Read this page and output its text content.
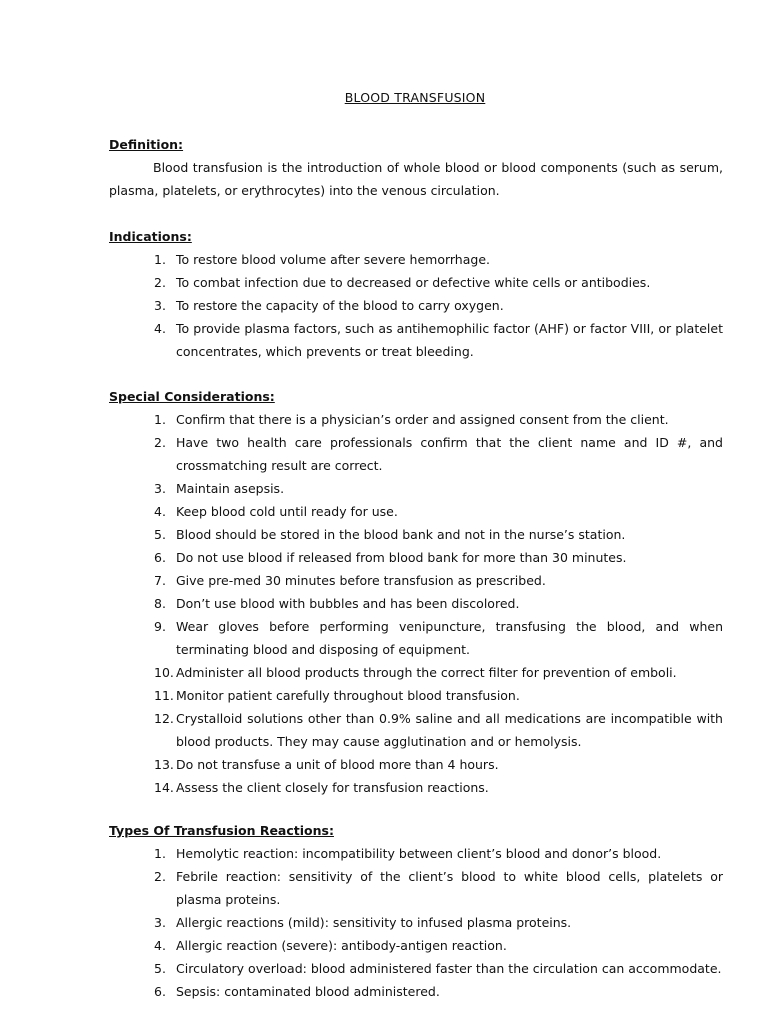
BLOOD TRANSFUSION
Definition:
Blood transfusion is the introduction of whole blood or blood components (such as serum, plasma, platelets, or erythrocytes) into the venous circulation.
Indications:
1. To restore blood volume after severe hemorrhage.
2. To combat infection due to decreased or defective white cells or antibodies.
3. To restore the capacity of the blood to carry oxygen.
4. To provide plasma factors, such as antihemophilic factor (AHF) or factor VIII, or platelet concentrates, which prevents or treat bleeding.
Special Considerations:
1. Confirm that there is a physician’s order and assigned consent from the client.
2. Have two health care professionals confirm that the client name and ID #, and crossmatching result are correct.
3. Maintain asepsis.
4. Keep blood cold until ready for use.
5. Blood should be stored in the blood bank and not in the nurse’s station.
6. Do not use blood if released from blood bank for more than 30 minutes.
7. Give pre-med 30 minutes before transfusion as prescribed.
8. Don’t use blood with bubbles and has been discolored.
9. Wear gloves before performing venipuncture, transfusing the blood, and when terminating blood and disposing of equipment.
10. Administer all blood products through the correct filter for prevention of emboli.
11. Monitor patient carefully throughout blood transfusion.
12. Crystalloid solutions other than 0.9% saline and all medications are incompatible with blood products. They may cause agglutination and or hemolysis.
13. Do not transfuse a unit of blood more than 4 hours.
14. Assess the client closely for transfusion reactions.
Types Of Transfusion Reactions:
1. Hemolytic reaction: incompatibility between client’s blood and donor’s blood.
2. Febrile reaction: sensitivity of the client’s blood to white blood cells, platelets or plasma proteins.
3. Allergic reactions (mild): sensitivity to infused plasma proteins.
4. Allergic reaction (severe): antibody-antigen reaction.
5. Circulatory overload: blood administered faster than the circulation can accommodate.
6. Sepsis: contaminated blood administered.
